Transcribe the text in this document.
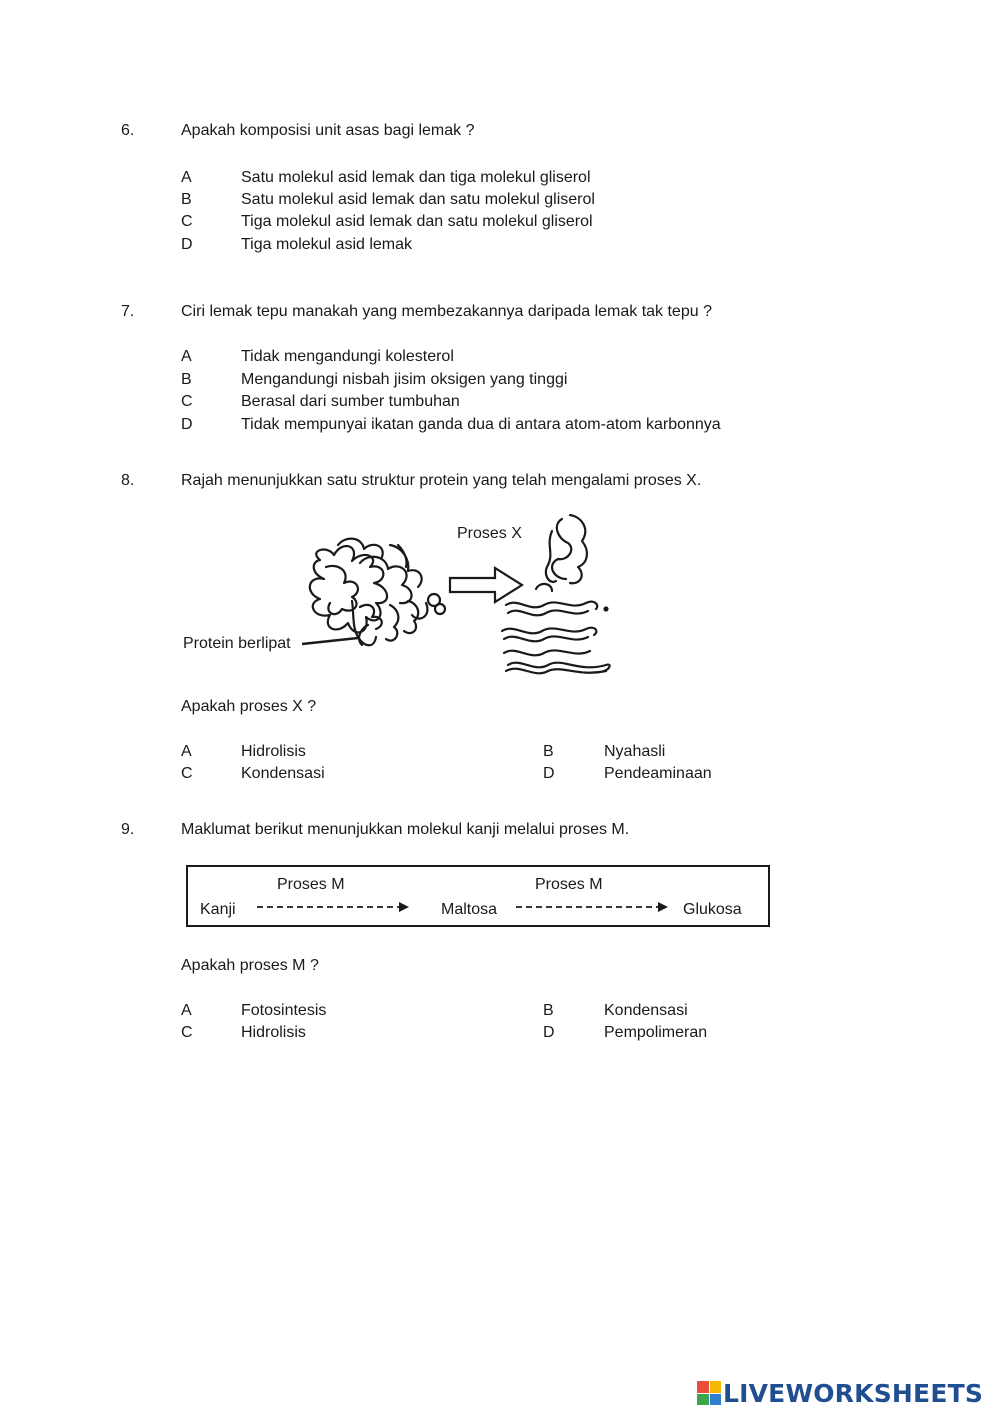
6.	Apakah komposisi unit asas bagi lemak ?
A	Satu molekul asid lemak dan tiga molekul gliserol
B	Satu molekul asid lemak dan satu molekul gliserol
C	Tiga molekul asid lemak dan satu molekul gliserol
D	Tiga molekul asid lemak
7.	Ciri lemak tepu manakah yang membezakannya daripada lemak tak tepu ?
A	Tidak mengandungi kolesterol
B	Mengandungi nisbah jisim oksigen yang tinggi
C	Berasal dari sumber tumbuhan
D	Tidak mempunyai ikatan ganda dua di antara atom-atom karbonnya
8.	Rajah menunjukkan satu struktur protein yang telah mengalami proses X.
Proses X
Protein berlipat
Apakah proses X ?
A	Hidrolisis	B	Nyahasli
C	Kondensasi	D	Pendeaminaan
9.	Maklumat berikut menunjukkan molekul kanji melalui proses M.
Proses M	Proses M
Kanji	Maltosa	Glukosa
Apakah proses M ?
A	Fotosintesis	B	Kondensasi
C	Hidrolisis	D	Pempolimeran
LIVEWORKSHEETS
